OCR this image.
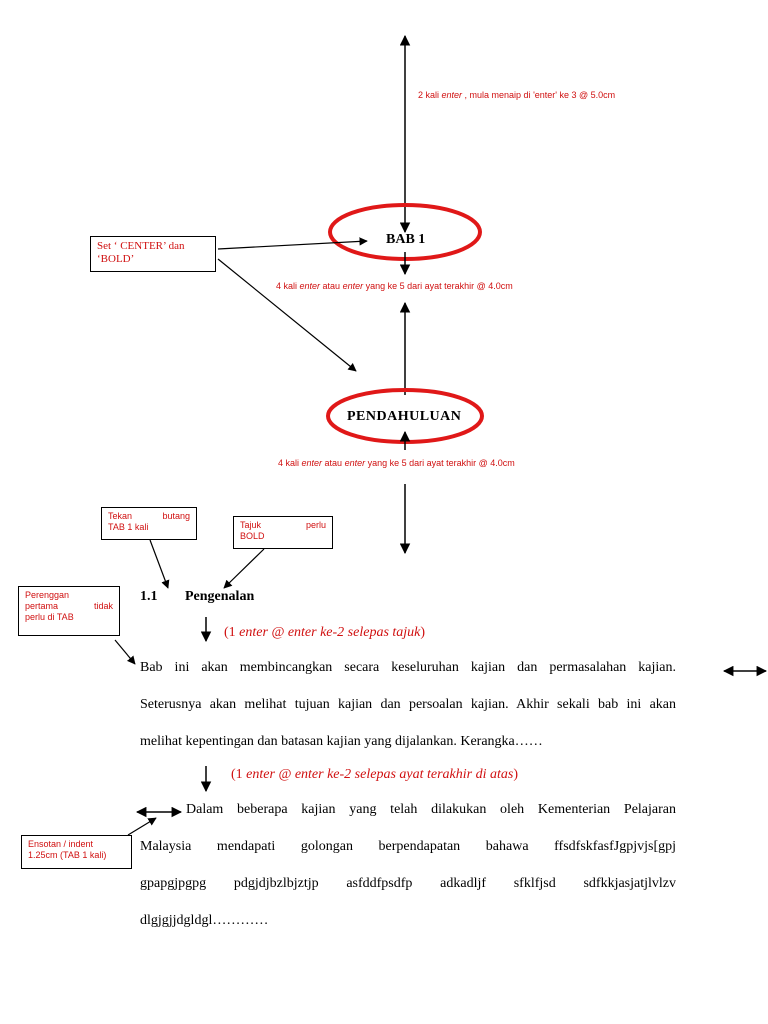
2 kali enter , mula menaip di 'enter' ke 3 @ 5.0cm
BAB 1
Set ‘ CENTER’ dan
‘BOLD’
4 kali enter atau enter yang ke 5 dari ayat terakhir @ 4.0cm
PENDAHULUAN
4 kali enter atau enter yang ke 5 dari ayat terakhir @ 4.0cm
Tekan butang
TAB 1 kali	Tajuk perlu
BOLD
Perenggan
pertama tidak
perlu di TAB
1.1 Pengenalan
(1 enter @ enter ke-2 selepas tajuk)
Bab ini akan membincangkan secara keseluruhan kajian dan permasalahan kajian.
Seterusnya akan melihat tujuan kajian dan persoalan kajian. Akhir sekali bab ini akan
melihat kepentingan dan batasan kajian yang dijalankan. Kerangka……
(1 enter @ enter ke-2 selepas ayat terakhir di atas)
Dalam beberapa kajian yang telah dilakukan oleh Kementerian Pelajaran
Malaysia mendapati golongan berpendapatan bahawa ffsdfskfasfJgpjvjs[gpj
gpapgjpgpg pdgjdjbzlbjztjp asfddfpsdfp adkadljf sfklfjsd sdfkkjasjatjlvlzv
dlgjgjjdgldgl…………
Ensotan / indent
1.25cm (TAB 1 kali)
